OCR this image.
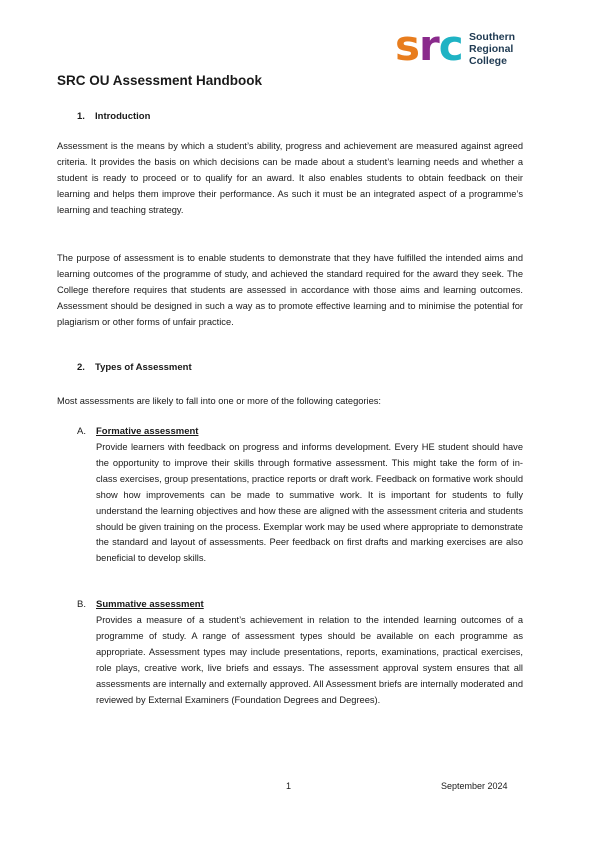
src Southern
Regional
College
SRC OU Assessment Handbook
1. Introduction

Assessment is the means by which a student’s ability, progress and achievement are measured against agreed criteria. It provides the basis on which decisions can be made about a student’s learning needs and whether a student is ready to proceed or to qualify for an award. It also enables students to obtain feedback on their learning and helps them improve their performance. As such it must be an integrated aspect of a programme’s learning and teaching strategy.

The purpose of assessment is to enable students to demonstrate that they have fulfilled the intended aims and learning outcomes of the programme of study, and achieved the standard required for the award they seek. The College therefore requires that students are assessed in accordance with those aims and learning outcomes. Assessment should be designed in such a way as to promote effective learning and to minimise the potential for plagiarism or other forms of unfair practice.

2. Types of Assessment

Most assessments are likely to fall into one or more of the following categories:

A. Formative assessment

Provide learners with feedback on progress and informs development. Every HE student should have the opportunity to improve their skills through formative assessment. This might take the form of in-class exercises, group presentations, practice reports or draft work. Feedback on formative work should show how improvements can be made to summative work. It is important for students to fully understand the learning objectives and how these are aligned with the assessment criteria and students should be given training on the process. Exemplar work may be used where appropriate to demonstrate the standard and layout of assessments. Peer feedback on first drafts and marking exercises are also beneficial to develop skills.

B. Summative assessment

Provides a measure of a student’s achievement in relation to the intended learning outcomes of a programme of study. A range of assessment types should be available on each programme as appropriate. Assessment types may include presentations, reports, examinations, practical exercises, role plays, creative work, live briefs and essays. The assessment approval system ensures that all assessments are internally and externally approved. All Assessment briefs are internally moderated and reviewed by External Examiners (Foundation Degrees and Degrees).

1	September 2024
